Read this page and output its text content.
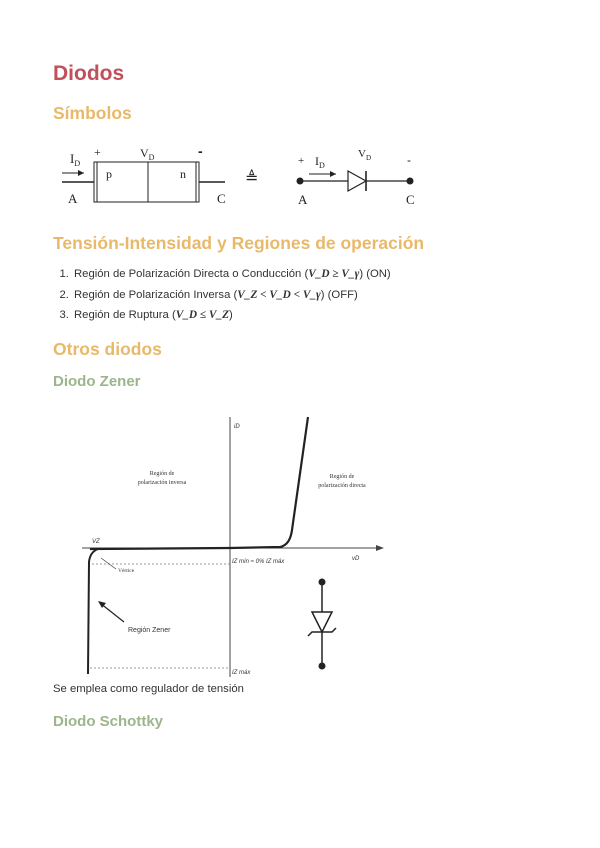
Diodos
Símbolos
$I_D$
+	$V_D$	-
p	n
A	C
≜
+ $I_D$
$V_D$	-
A	C
Tensión-Intensidad y Regiones de operación
1. Región de Polarización Directa o Conducción (V_D ≥ V_γ) (ON)
2. Región de Polarización Inversa (V_Z < V_D < V_γ) (OFF)
3. Región de Ruptura (V_D ≤ V_Z)
Otros diodos
Diodo Zener
iD
vD
Región de polarización inversa
Región de polarización directa
VZ
Vértice
IZ mín ≈ 0% IZ máx
IZ máx
Región Zener
Se emplea como regulador de tensión
Diodo Schottky
